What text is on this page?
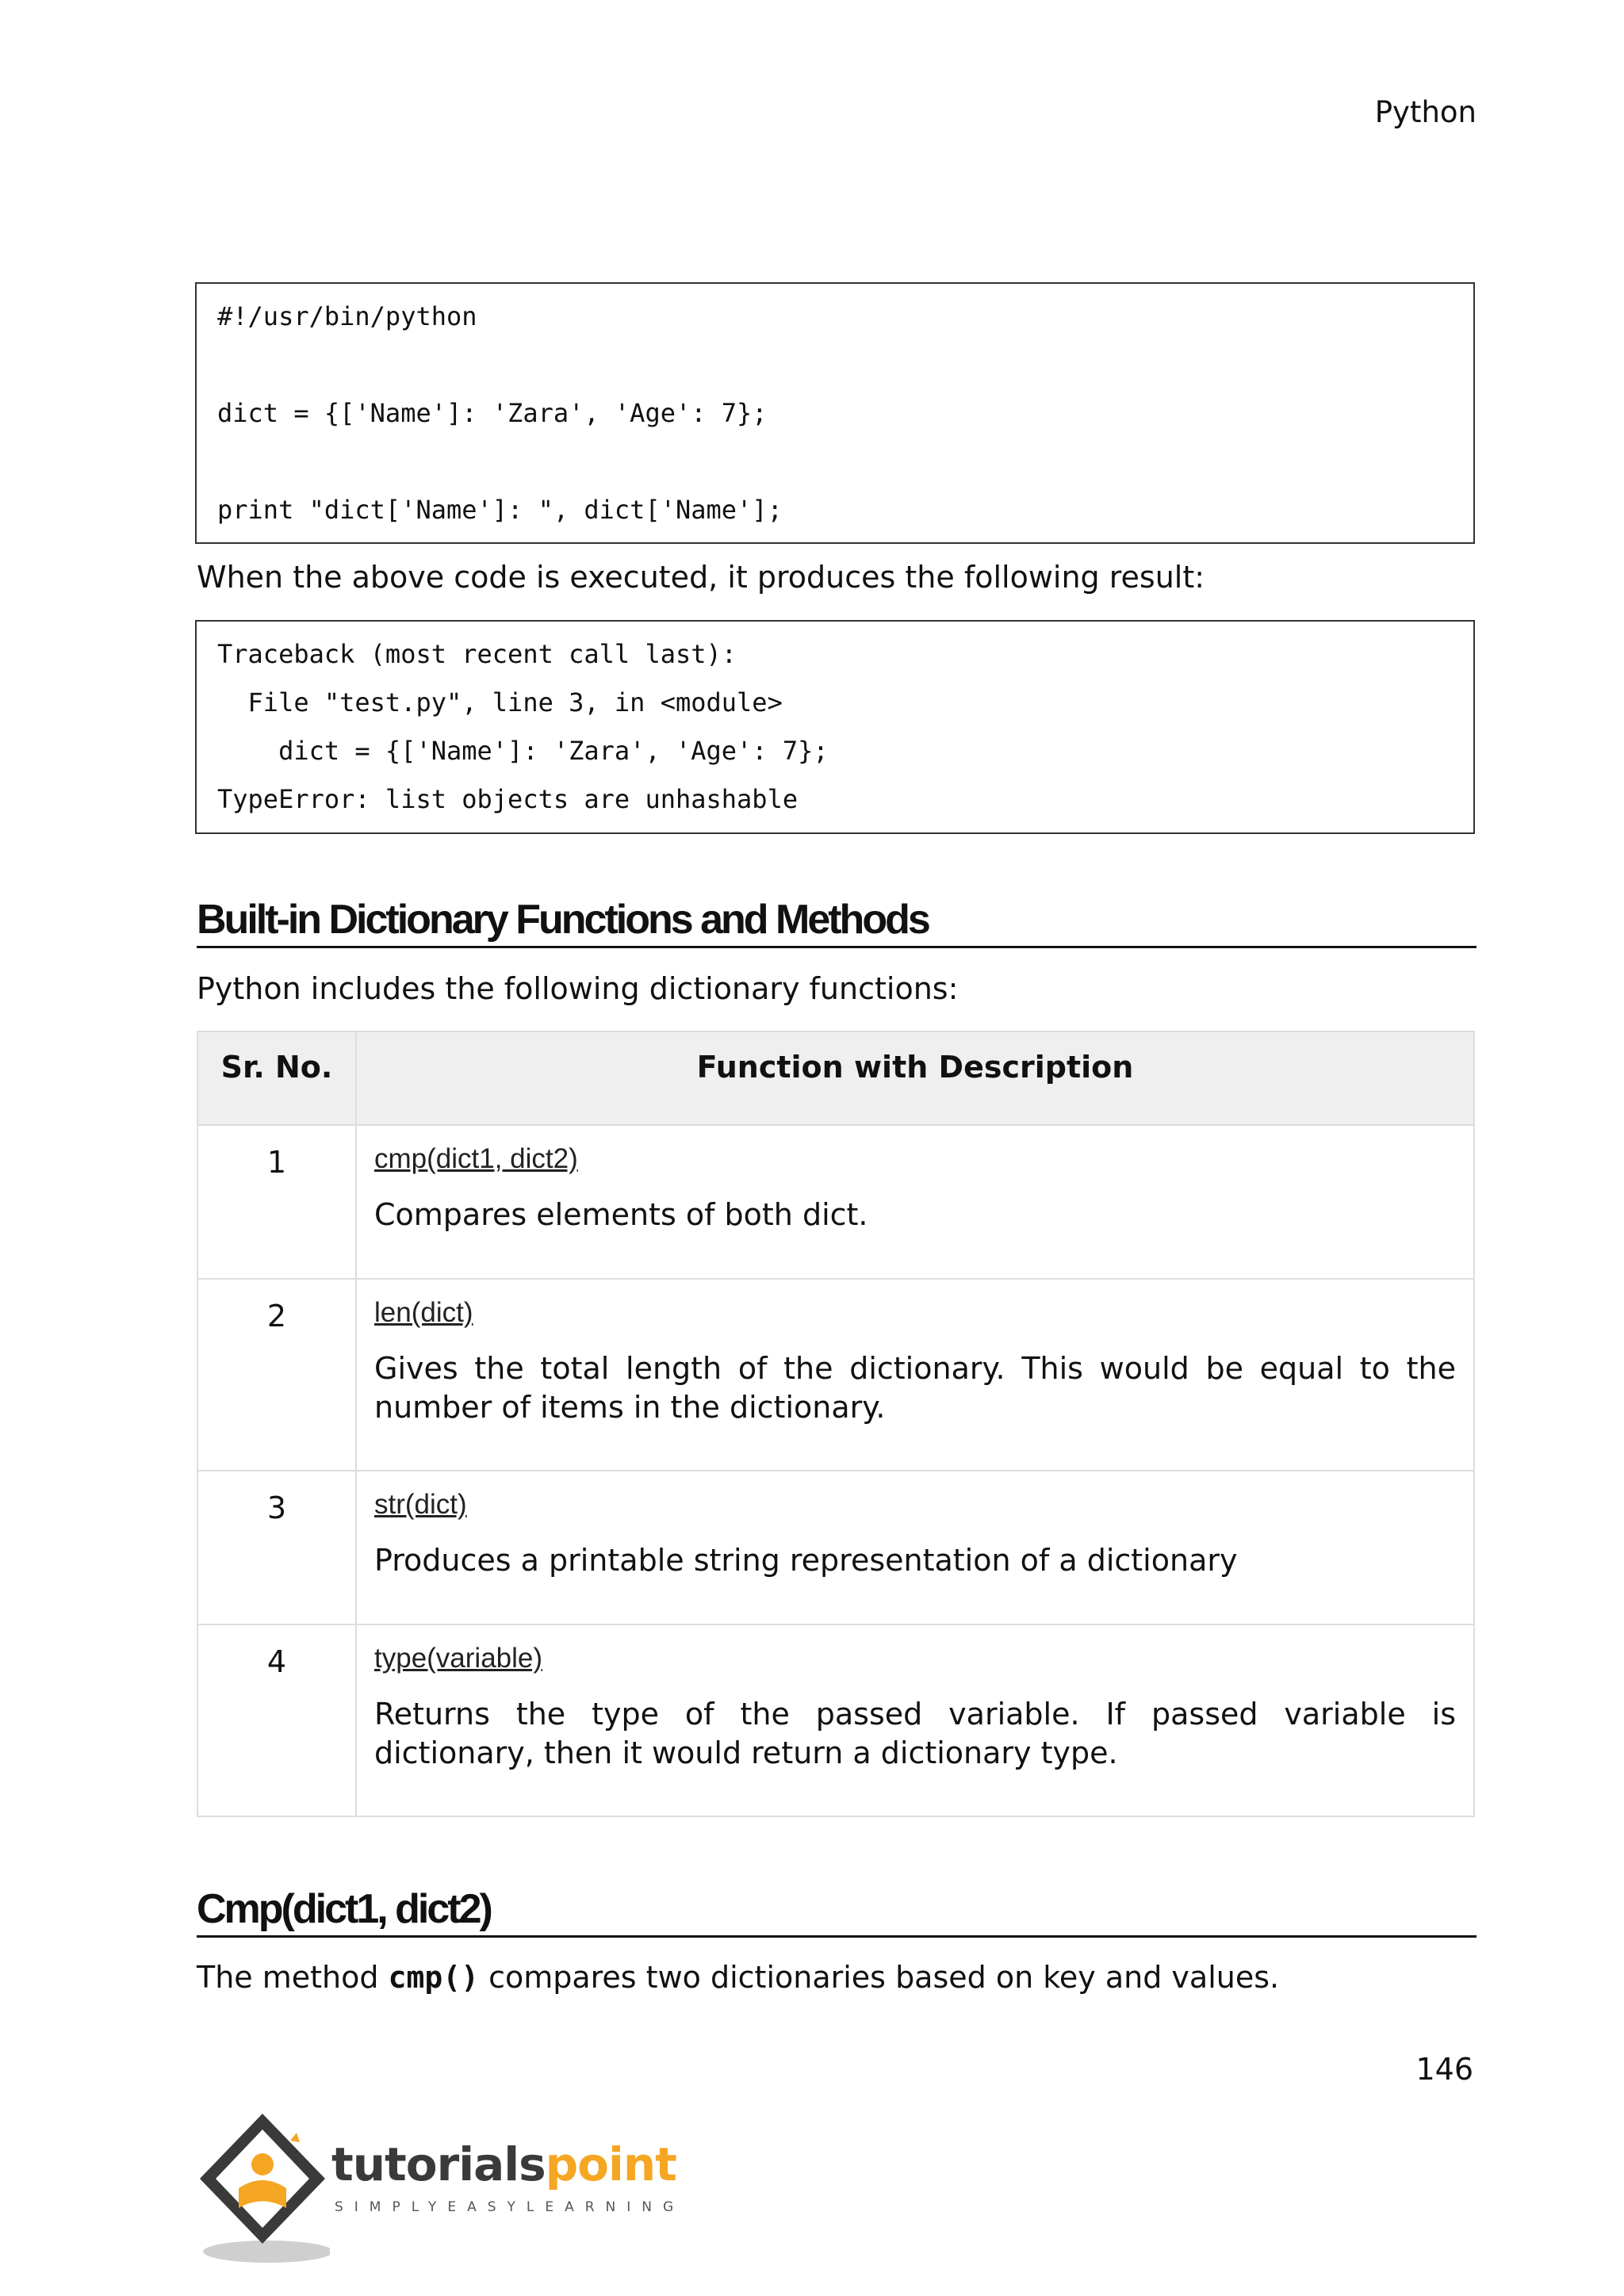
Python
#!/usr/bin/python
dict = {['Name']: 'Zara', 'Age': 7};
print "dict['Name']: ", dict['Name'];
When the above code is executed, it produces the following result:
Traceback (most recent call last):
File "test.py", line 3, in <module>
dict = {['Name']: 'Zara', 'Age': 7};
TypeError: list objects are unhashable
Built-in Dictionary Functions and Methods
Python includes the following dictionary functions:
Sr. No.	Function with Description
1	cmp(dict1, dict2)
Compares elements of both dict.

2	len(dict)
Gives the total length of the dictionary. This would be equal to the number of items in the dictionary.

3	str(dict)
Produces a printable string representation of a dictionary

4	type(variable)
Returns the type of the passed variable. If passed variable is dictionary, then it would return a dictionary type.
Cmp(dict1, dict2)
The method cmp() compares two dictionaries based on key and values.
146
tutorialspoint
SIMPLYEASYLEARNING
